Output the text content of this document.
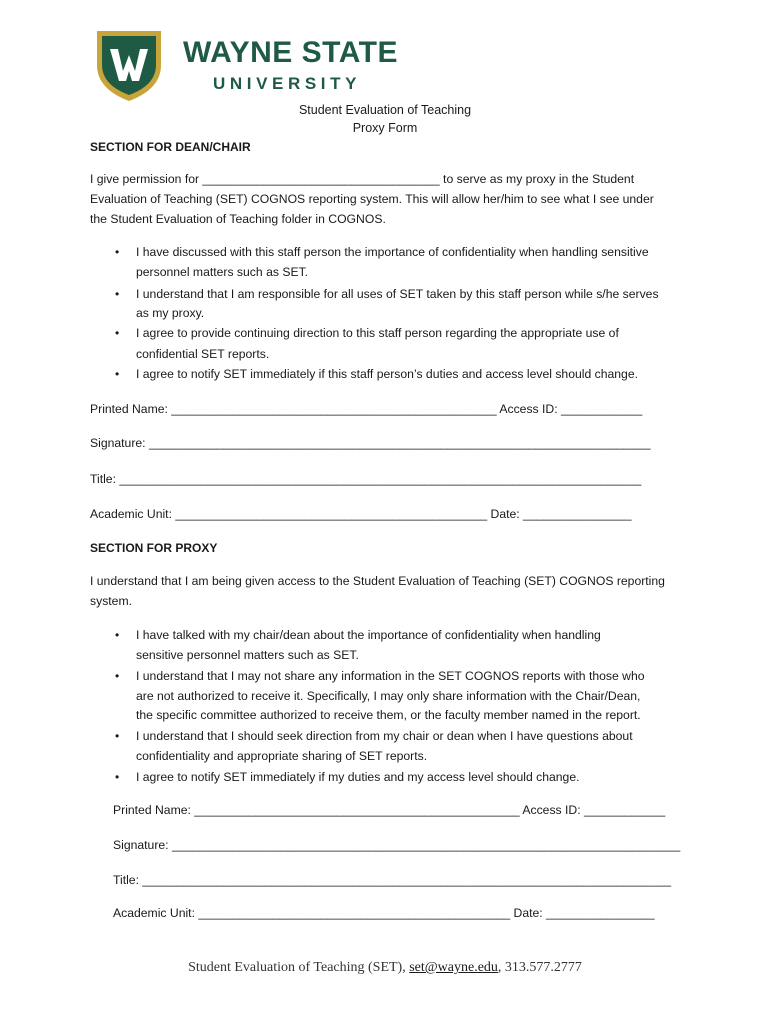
WAYNE STATE
UNIVERSITY
Student Evaluation of Teaching
Proxy Form
SECTION FOR DEAN/CHAIR
I give permission for ___________________________________ to serve as my proxy in the Student
Evaluation of Teaching (SET) COGNOS reporting system. This will allow her/him to see what I see under
the Student Evaluation of Teaching folder in COGNOS.
• I have discussed with this staff person the importance of confidentiality when handling sensitive
personnel matters such as SET.
• I understand that I am responsible for all uses of SET taken by this staff person while s/he serves
as my proxy.
• I agree to provide continuing direction to this staff person regarding the appropriate use of
confidential SET reports.
• I agree to notify SET immediately if this staff person’s duties and access level should change.
Printed Name: ________________________________________________ Access ID: ____________
Signature: __________________________________________________________________________
Title: _____________________________________________________________________________
Academic Unit: ______________________________________________ Date: ________________
SECTION FOR PROXY
I understand that I am being given access to the Student Evaluation of Teaching (SET) COGNOS reporting
system.
• I have talked with my chair/dean about the importance of confidentiality when handling
sensitive personnel matters such as SET.
• I understand that I may not share any information in the SET COGNOS reports with those who
are not authorized to receive it. Specifically, I may only share information with the Chair/Dean,
the specific committee authorized to receive them, or the faculty member named in the report.
• I understand that I should seek direction from my chair or dean when I have questions about
confidentiality and appropriate sharing of SET reports.
• I agree to notify SET immediately if my duties and my access level should change.
Printed Name: ________________________________________________ Access ID: ____________
Signature: ___________________________________________________________________________
Title: ______________________________________________________________________________
Academic Unit: ______________________________________________ Date: ________________
Student Evaluation of Teaching (SET), set@wayne.edu, 313.577.2777
